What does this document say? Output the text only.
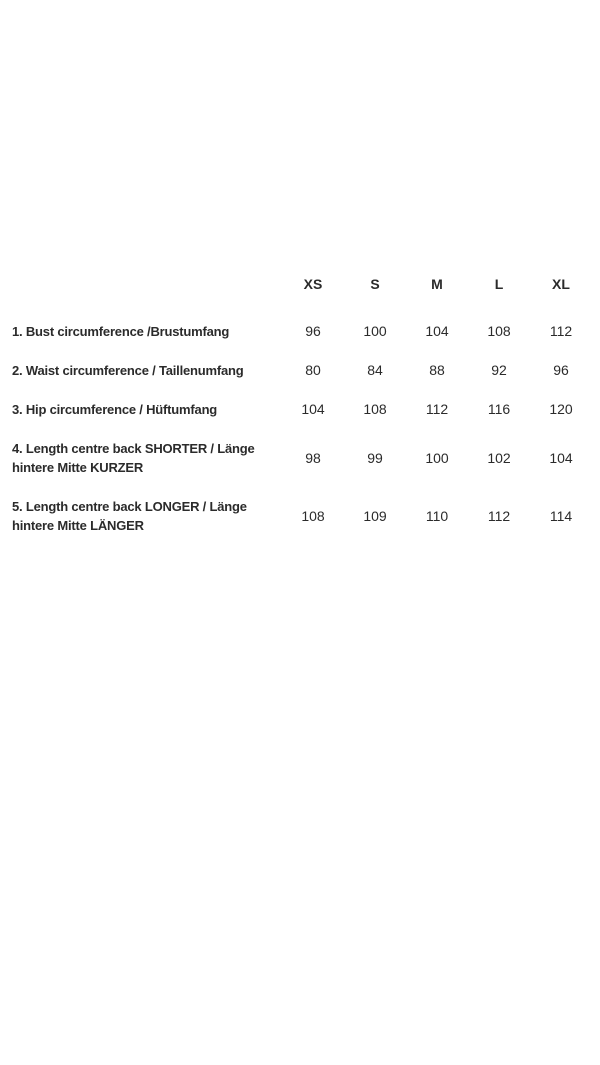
	XS	S	M	L	XL
1. Bust circumference /Brustumfang	96	100	104	108	112
2. Waist circumference / Taillenumfang	80	84	88	92	96
3. Hip circumference / Hüftumfang	104	108	112	116	120
4. Length centre back SHORTER / Länge hintere Mitte KURZER	98	99	100	102	104
5. Length centre back LONGER / Länge hintere Mitte LÄNGER	108	109	110	112	114
